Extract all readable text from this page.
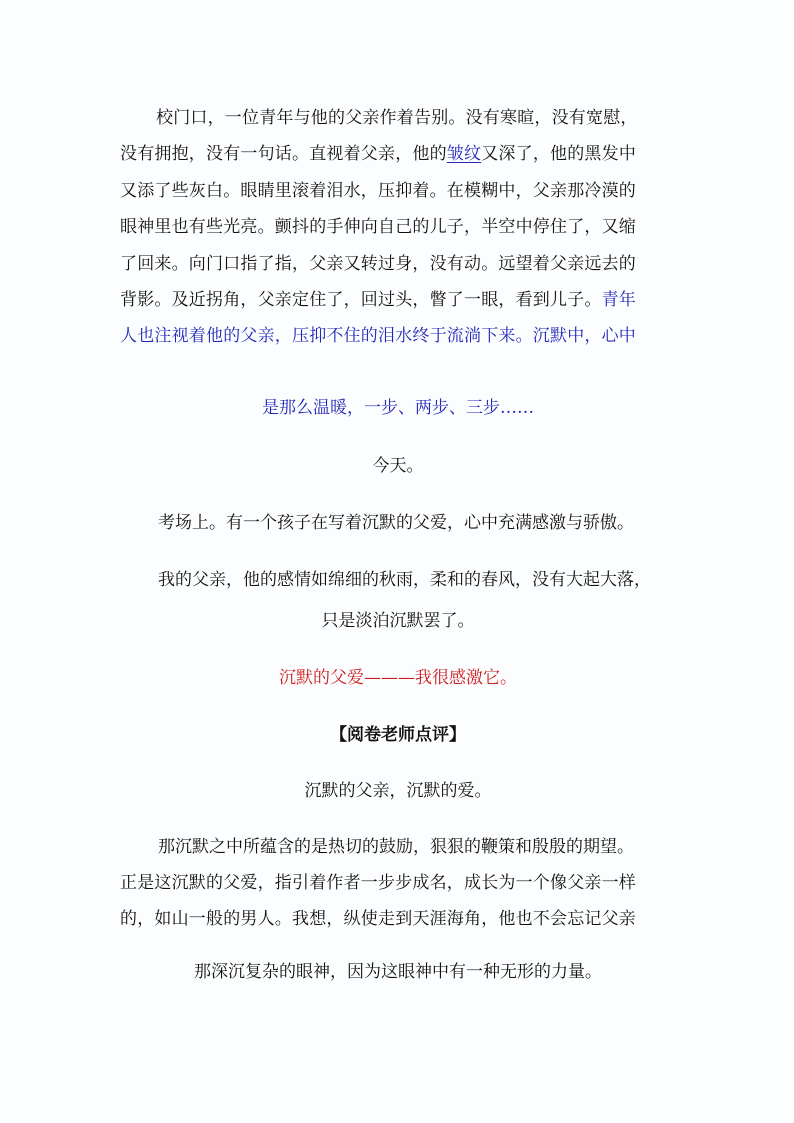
校门口，一位青年与他的父亲作着告别。没有寒暄，没有宽慰，
没有拥抱，没有一句话。直视着父亲，他的皱纹又深了，他的黑发中
又添了些灰白。眼睛里滚着泪水，压抑着。在模糊中，父亲那冷漠的
眼神里也有些光亮。颤抖的手伸向自己的儿子，半空中停住了，又缩
了回来。向门口指了指，父亲又转过身，没有动。远望着父亲远去的
背影。及近拐角，父亲定住了，回过头，瞥了一眼，看到儿子。青年
人也注视着他的父亲，压抑不住的泪水终于流淌下来。沉默中，心中
是那么温暖，一步、两步、三步……
今天。
考场上。有一个孩子在写着沉默的父爱，心中充满感激与骄傲。
我的父亲，他的感情如绵细的秋雨，柔和的春风，没有大起大落，
只是淡泊沉默罢了。
沉默的父爱———我很感激它。
【阅卷老师点评】
沉默的父亲，沉默的爱。
那沉默之中所蕴含的是热切的鼓励，狠狠的鞭策和殷殷的期望。
正是这沉默的父爱，指引着作者一步步成名，成长为一个像父亲一样
的，如山一般的男人。我想，纵使走到天涯海角，他也不会忘记父亲
那深沉复杂的眼神，因为这眼神中有一种无形的力量。
